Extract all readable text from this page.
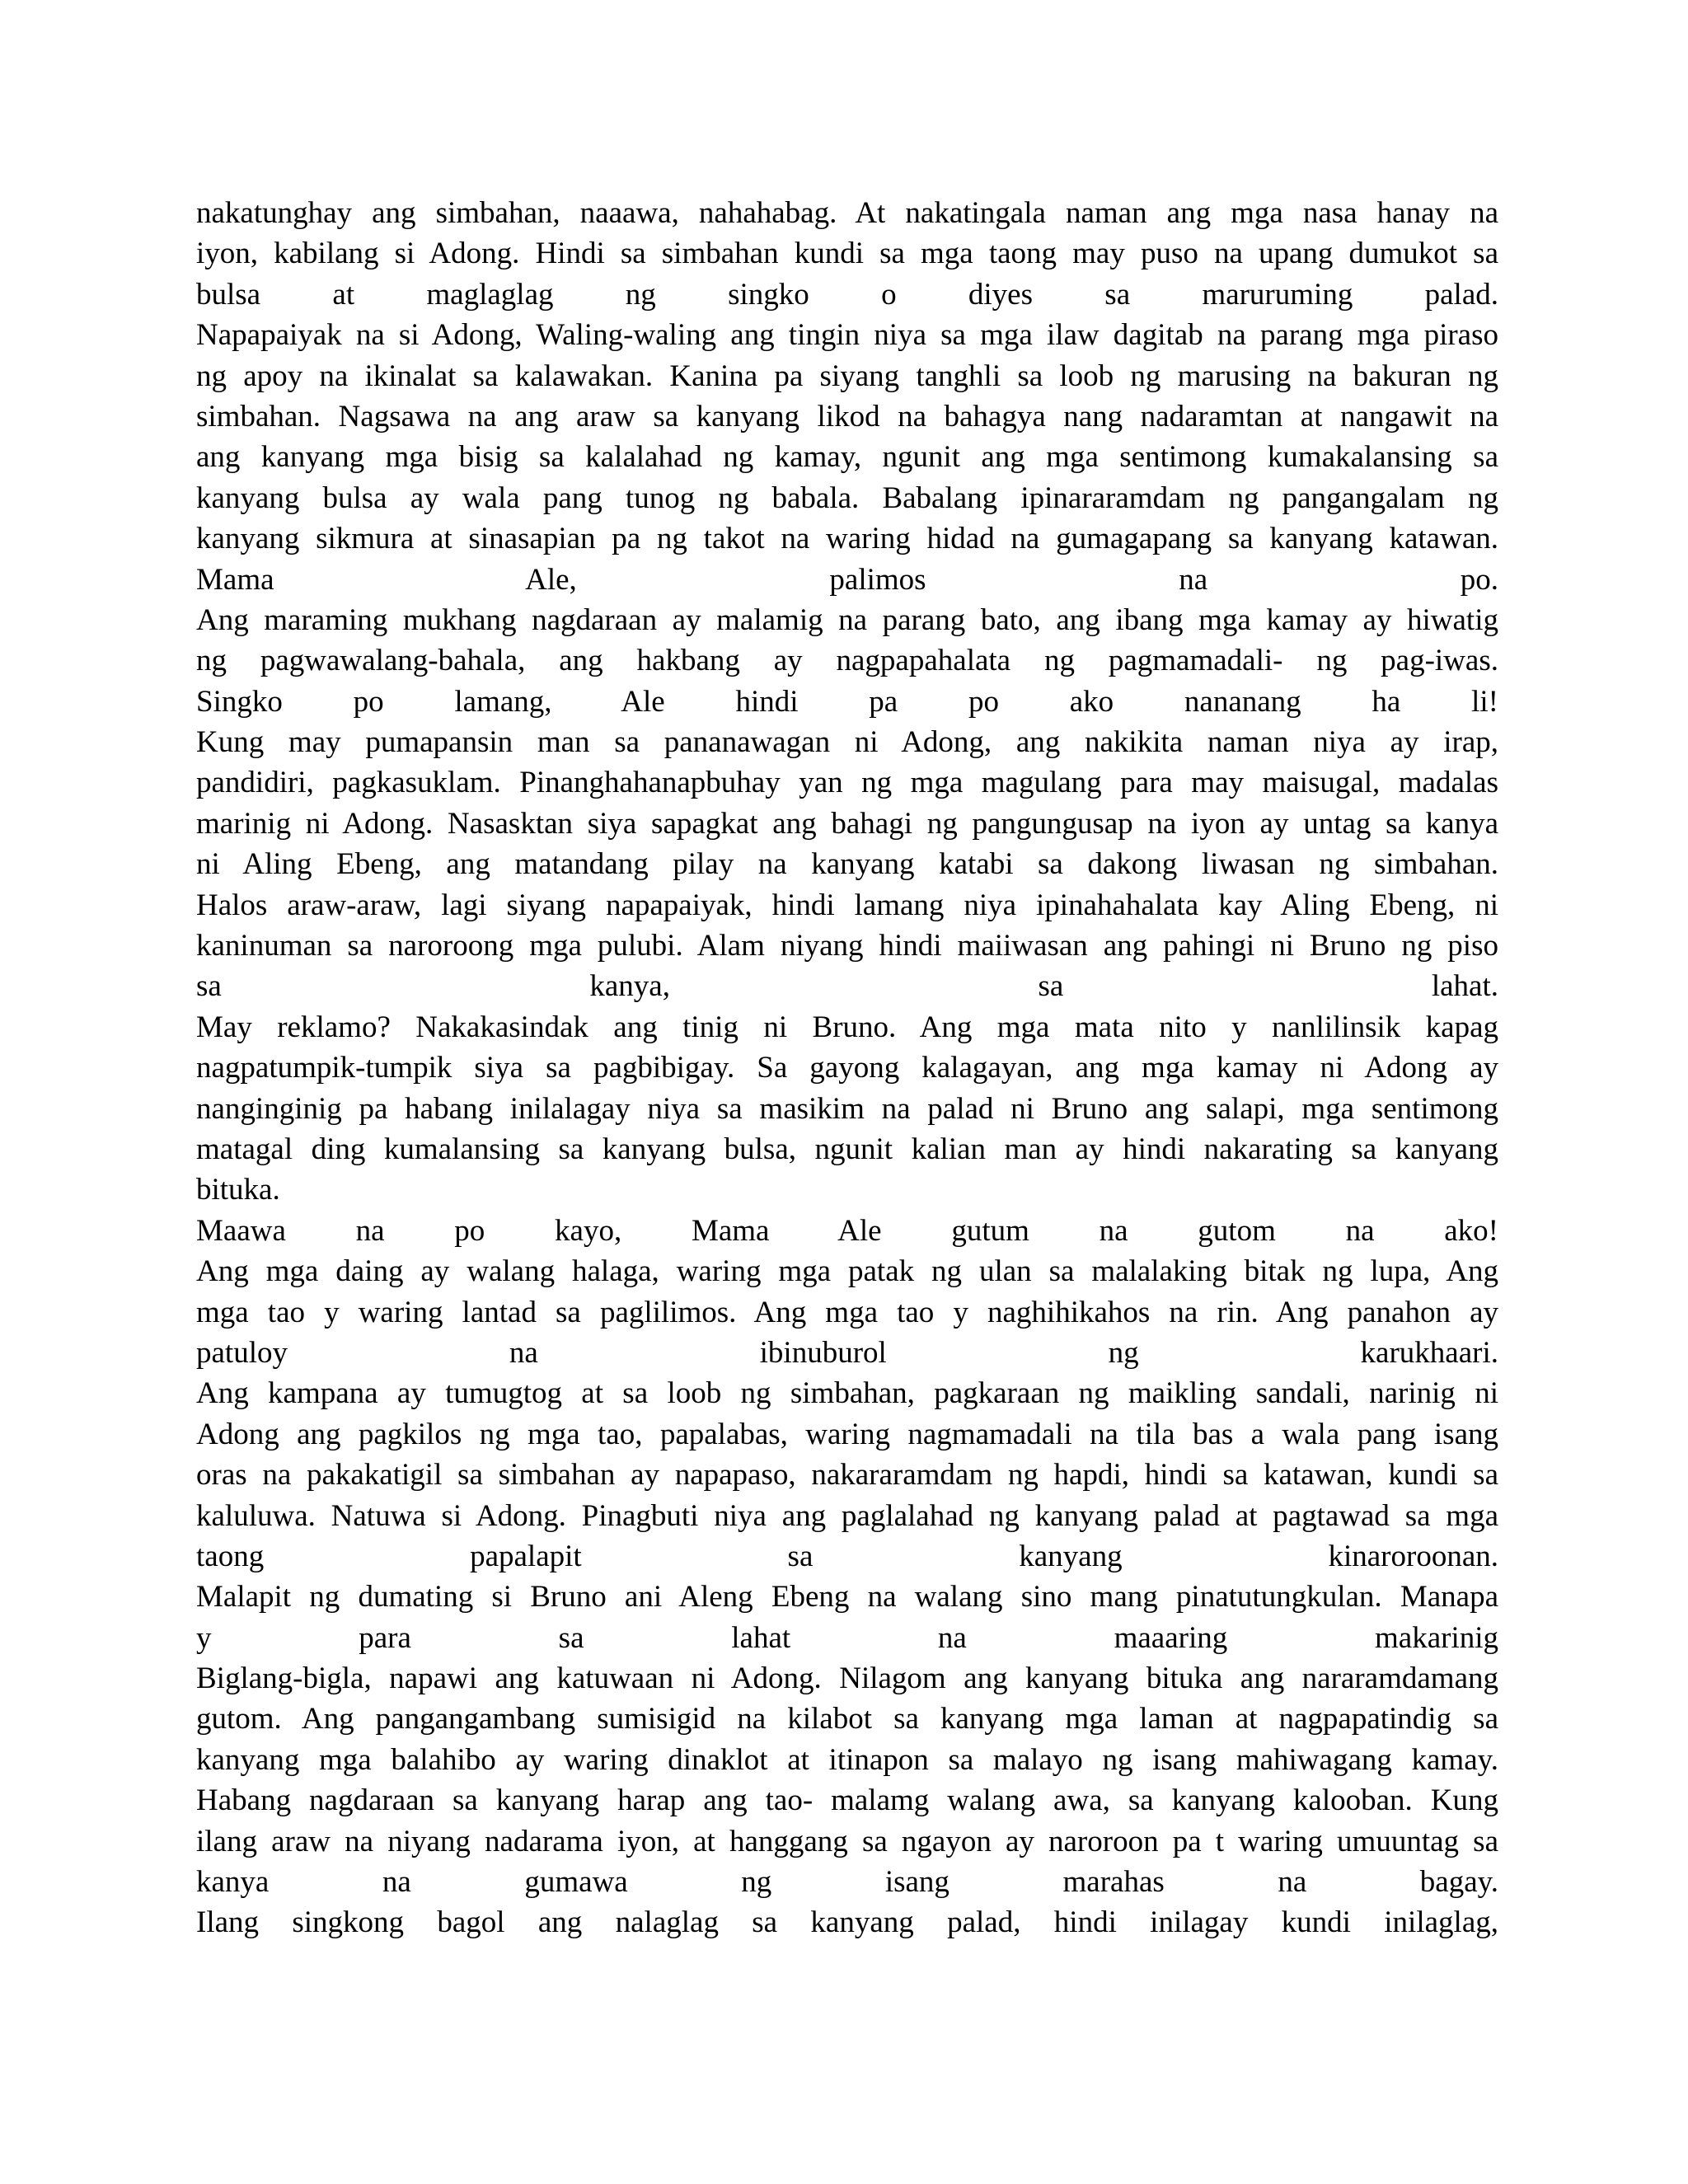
nakatunghay ang simbahan, naaawa, nahahabag. At nakatingala naman ang mga nasa hanay na
iyon, kabilang si Adong. Hindi sa simbahan kundi sa mga taong may puso na upang dumukot sa
bulsa at maglaglag ng singko o diyes sa maruruming palad.
Napapaiyak na si Adong, Waling-waling ang tingin niya sa mga ilaw dagitab na parang mga piraso
ng apoy na ikinalat sa kalawakan. Kanina pa siyang tanghli sa loob ng marusing na bakuran ng
simbahan. Nagsawa na ang araw sa kanyang likod na bahagya nang nadaramtan at nangawit na
ang kanyang mga bisig sa kalalahad ng kamay, ngunit ang mga sentimong kumakalansing sa
kanyang bulsa ay wala pang tunog ng babala. Babalang ipinararamdam ng pangangalam ng
kanyang sikmura at sinasapian pa ng takot na waring hidad na gumagapang sa kanyang katawan.
Mama Ale, palimos na po.
Ang maraming mukhang nagdaraan ay malamig na parang bato, ang ibang mga kamay ay hiwatig
ng pagwawalang-bahala, ang hakbang ay nagpapahalata ng pagmamadali- ng pag-iwas.
Singko po lamang, Ale hindi pa po ako nananang ha li!
Kung may pumapansin man sa pananawagan ni Adong, ang nakikita naman niya ay irap,
pandidiri, pagkasuklam. Pinanghahanapbuhay yan ng mga magulang para may maisugal, madalas
marinig ni Adong. Nasasktan siya sapagkat ang bahagi ng pangungusap na iyon ay untag sa kanya
ni Aling Ebeng, ang matandang pilay na kanyang katabi sa dakong liwasan ng simbahan.
Halos araw-araw, lagi siyang napapaiyak, hindi lamang niya ipinahahalata kay Aling Ebeng, ni
kaninuman sa naroroong mga pulubi. Alam niyang hindi maiiwasan ang pahingi ni Bruno ng piso
sa kanya, sa lahat.
May reklamo? Nakakasindak ang tinig ni Bruno. Ang mga mata nito y nanlilinsik kapag
nagpatumpik-tumpik siya sa pagbibigay. Sa gayong kalagayan, ang mga kamay ni Adong ay
nanginginig pa habang inilalagay niya sa masikim na palad ni Bruno ang salapi, mga sentimong
matagal ding kumalansing sa kanyang bulsa, ngunit kalian man ay hindi nakarating sa kanyang
bituka.
Maawa na po kayo, Mama Ale gutum na gutom na ako!
Ang mga daing ay walang halaga, waring mga patak ng ulan sa malalaking bitak ng lupa, Ang
mga tao y waring lantad sa paglilimos. Ang mga tao y naghihikahos na rin. Ang panahon ay
patuloy na ibinuburol ng karukhaari.
Ang kampana ay tumugtog at sa loob ng simbahan, pagkaraan ng maikling sandali, narinig ni
Adong ang pagkilos ng mga tao, papalabas, waring nagmamadali na tila bas a wala pang isang
oras na pakakatigil sa simbahan ay napapaso, nakararamdam ng hapdi, hindi sa katawan, kundi sa
kaluluwa. Natuwa si Adong. Pinagbuti niya ang paglalahad ng kanyang palad at pagtawad sa mga
taong papalapit sa kanyang kinaroroonan.
Malapit ng dumating si Bruno ani Aleng Ebeng na walang sino mang pinatutungkulan. Manapa
y para sa lahat na maaaring makarinig
Biglang-bigla, napawi ang katuwaan ni Adong. Nilagom ang kanyang bituka ang nararamdamang
gutom. Ang pangangambang sumisigid na kilabot sa kanyang mga laman at nagpapatindig sa
kanyang mga balahibo ay waring dinaklot at itinapon sa malayo ng isang mahiwagang kamay.
Habang nagdaraan sa kanyang harap ang tao- malamg walang awa, sa kanyang kalooban. Kung
ilang araw na niyang nadarama iyon, at hanggang sa ngayon ay naroroon pa t waring umuuntag sa
kanya na gumawa ng isang marahas na bagay.
Ilang singkong bagol ang nalaglag sa kanyang palad, hindi inilagay kundi inilaglag,
